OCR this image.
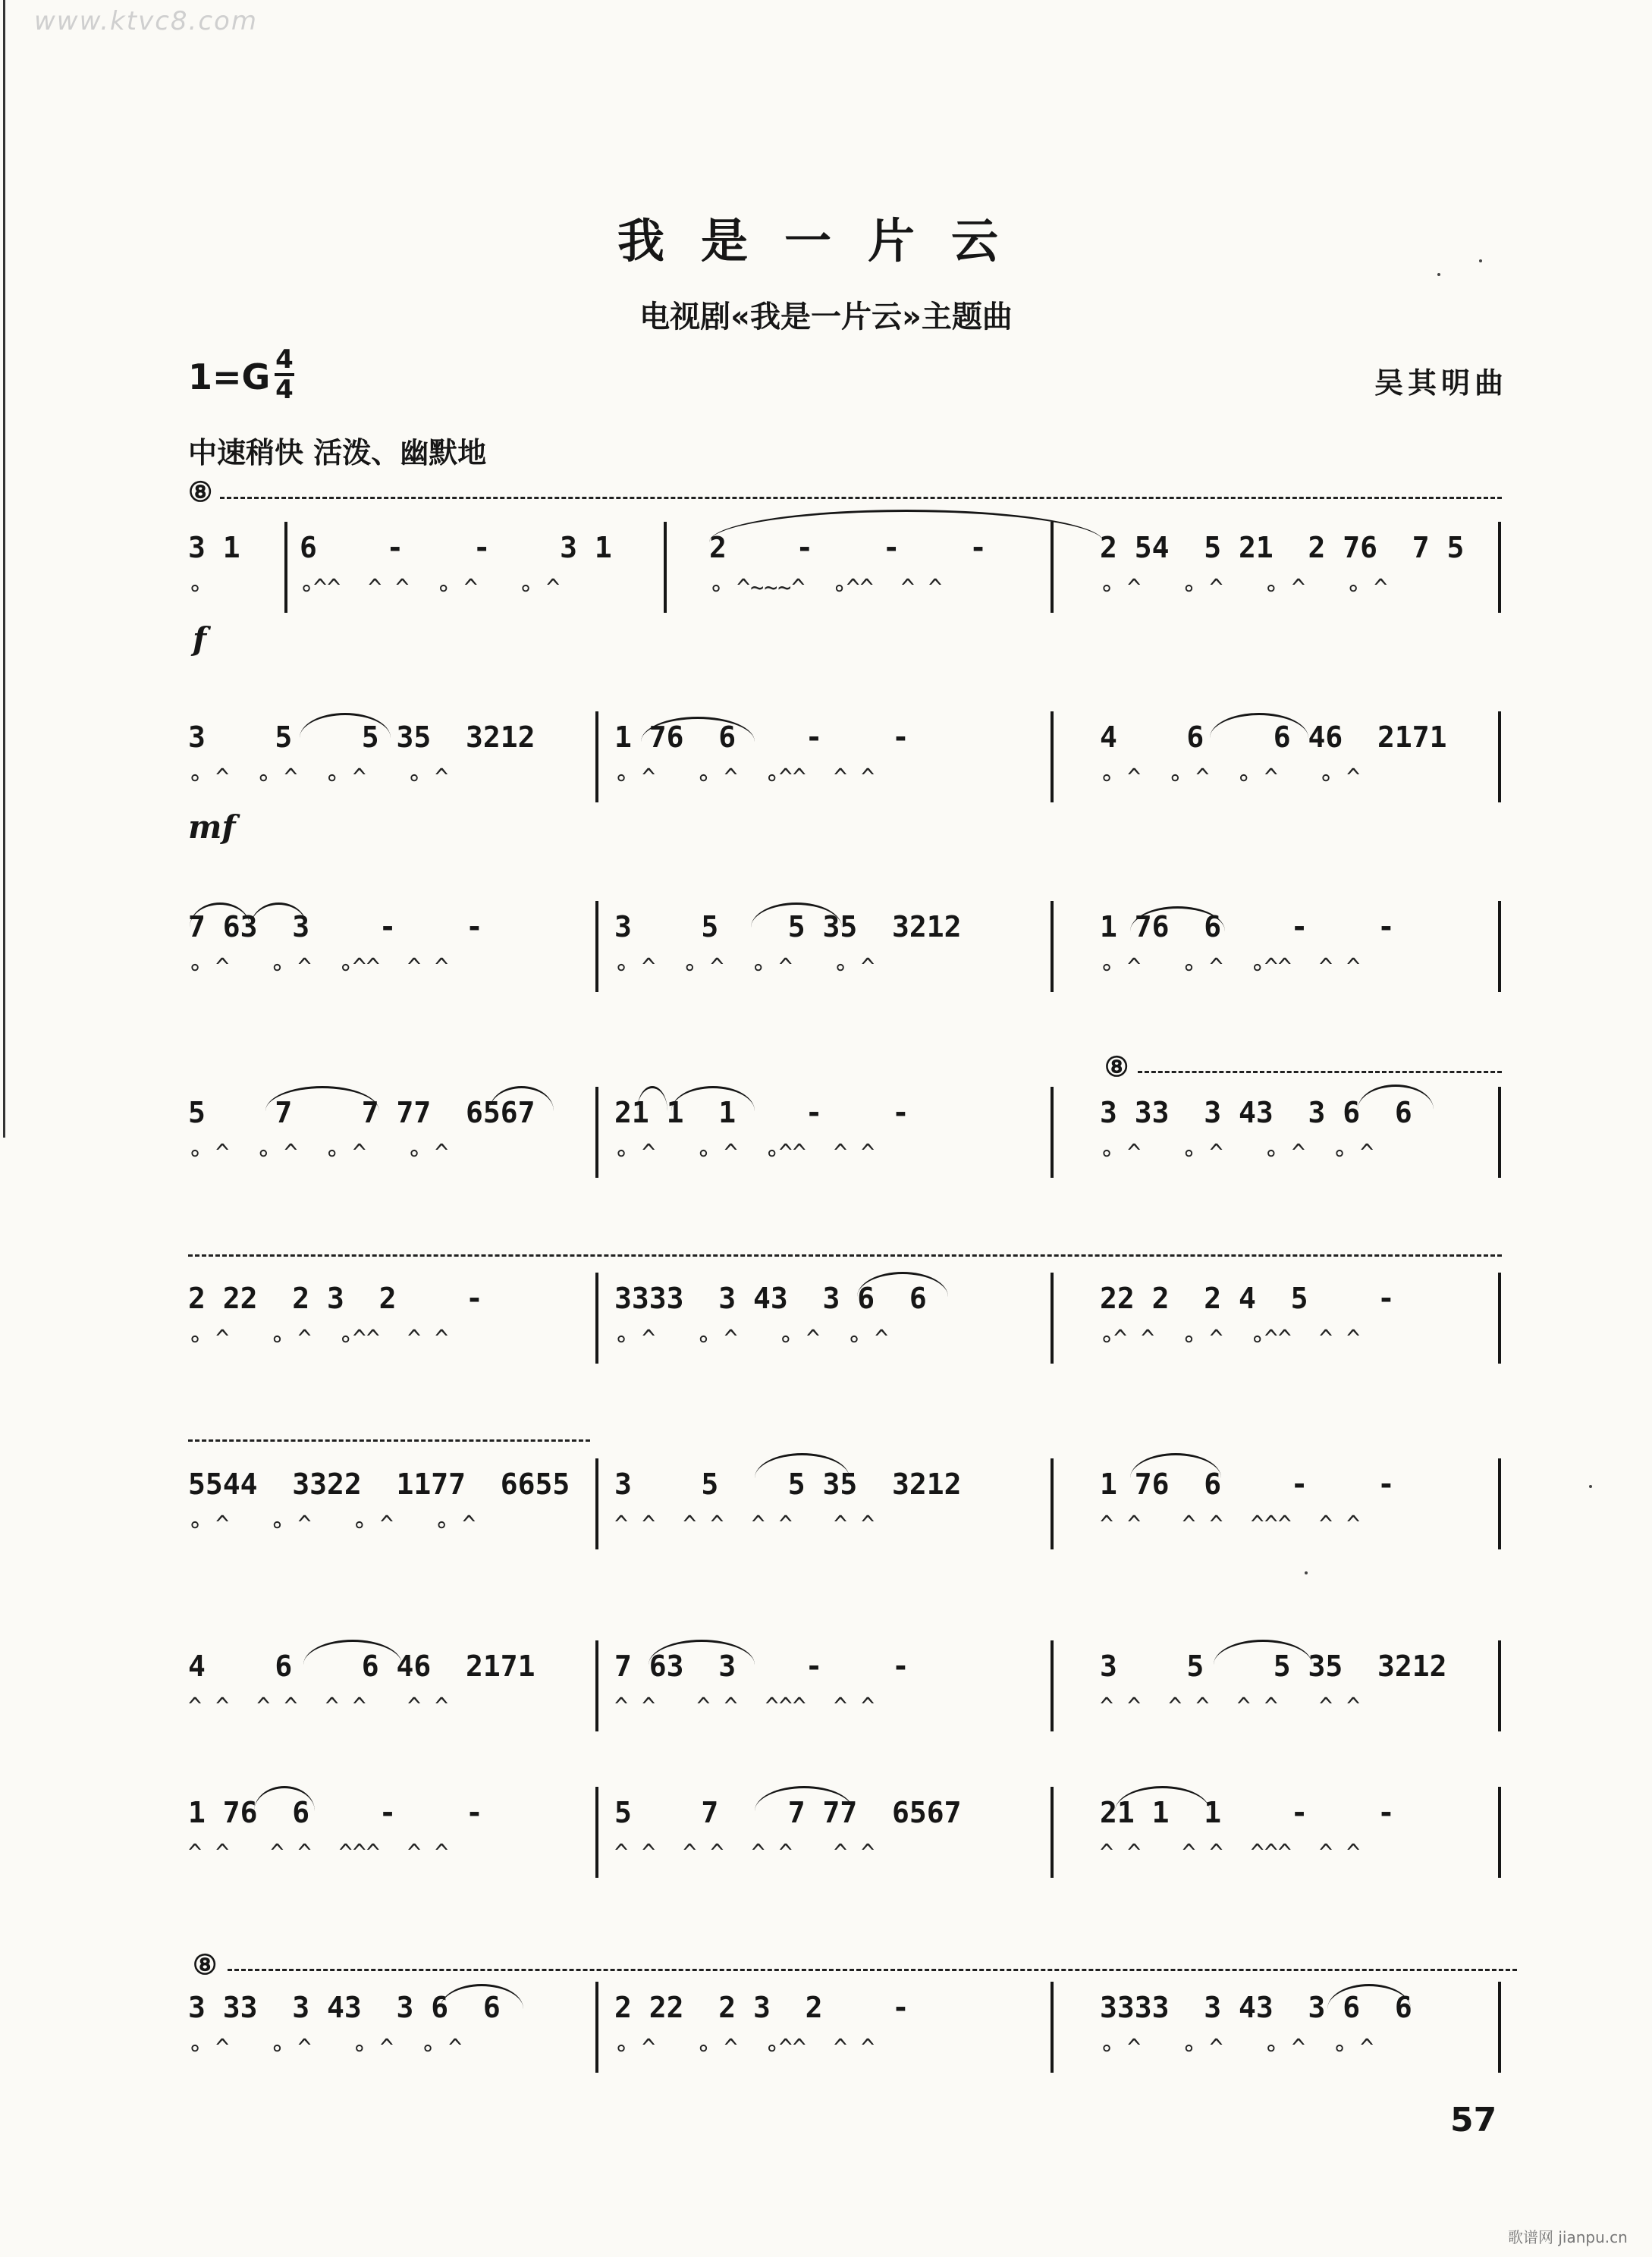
www.ktvc8.com
我是一片云
电视剧«我是一片云»主题曲
1=G 4
4	吴其明曲
中速稍快 活泼、幽默地
⑧
⑧
⑧
f
mf
3 1
∘
6    -    -    3 1
∘^^  ^ ^  ∘ ^   ∘ ^
2    -    -    -
∘ ^~~~^  ∘^^  ^ ^
2 54  5 21  2 76  7 5
∘ ^   ∘ ^   ∘ ^   ∘ ^
3    5    5 35  3212
∘ ^  ∘ ^  ∘ ^   ∘ ^
1 76  6    -    -
∘ ^   ∘ ^  ∘^^  ^ ^
4    6    6 46  2171
∘ ^  ∘ ^  ∘ ^   ∘ ^
7 63  3    -    -
∘ ^   ∘ ^  ∘^^  ^ ^
3    5    5 35  3212
∘ ^  ∘ ^  ∘ ^   ∘ ^
1 76  6    -    -
∘ ^   ∘ ^  ∘^^  ^ ^
5    7    7 77  6567
∘ ^  ∘ ^  ∘ ^   ∘ ^
21 1  1    -    -
∘ ^   ∘ ^  ∘^^  ^ ^
3 33  3 43  3 6  6
∘ ^   ∘ ^   ∘ ^  ∘ ^
2 22  2 3  2    -
∘ ^   ∘ ^  ∘^^  ^ ^
3333  3 43  3 6  6
∘ ^   ∘ ^   ∘ ^  ∘ ^
22 2  2 4  5    -
∘^ ^  ∘ ^  ∘^^  ^ ^
5544  3322  1177  6655
∘ ^   ∘ ^   ∘ ^   ∘ ^
3    5    5 35  3212
^ ^  ^ ^  ^ ^   ^ ^
1 76  6    -    -
^ ^   ^ ^  ^^^  ^ ^
4    6    6 46  2171
^ ^  ^ ^  ^ ^   ^ ^
7 63  3    -    -
^ ^   ^ ^  ^^^  ^ ^
3    5    5 35  3212
^ ^  ^ ^  ^ ^   ^ ^
1 76  6    -    -
^ ^   ^ ^  ^^^  ^ ^
5    7    7 77  6567
^ ^  ^ ^  ^ ^   ^ ^
21 1  1    -    -
^ ^   ^ ^  ^^^  ^ ^
3 33  3 43  3 6  6
∘ ^   ∘ ^   ∘ ^  ∘ ^
2 22  2 3  2    -
∘ ^   ∘ ^  ∘^^  ^ ^
3333  3 43  3 6  6
∘ ^   ∘ ^   ∘ ^  ∘ ^
57
歌谱网 jianpu.cn
